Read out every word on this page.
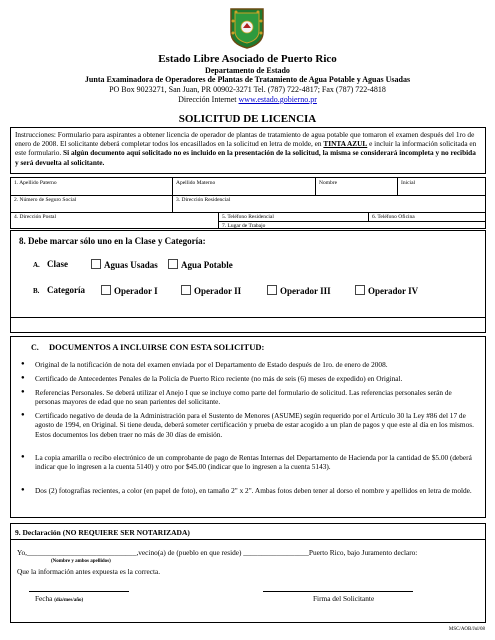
Estado Libre Asociado de Puerto Rico
Departamento de Estado
Junta Examinadora de Operadores de Plantas de Tratamiento de Agua Potable y Aguas Usadas
PO Box 9023271, San Juan, PR 00902-3271 Tel. (787) 722-4817; Fax (787) 722-4818
Dirección Internet www.estado.gobierno.pr
SOLICITUD DE LICENCIA
Instrucciones: Formulario para aspirantes a obtener licencia de operador de plantas de tratamiento de agua potable que tomaron el examen después del 1ro de enero de 2008. El solicitante deberá completar todos los encasillados en la solicitud en letra de molde, en TINTA AZUL e incluir la información solicitada en este formulario. Si algún documento aquí solicitado no es incluido en la presentación de la solicitud, la misma se considerará incompleta y no recibida y será devuelta al solicitante.
1. Apellido Paterno	Apellido Materno	Nombre	Inicial
2. Número de Seguro Social	3. Dirección Residencial
4. Dirección Postal	5. Teléfono Residencial	6. Teléfono Oficina
7. Lugar de Trabajo
8. Debe marcar sólo uno en la Clase y Categoría:
A. Clase	Aguas Usadas	Agua Potable
B. Categoría	Operador I	Operador II	Operador III	Operador IV
C. DOCUMENTOS A INCLUIRSE CON ESTA SOLICITUD:
● Original de la notificación de nota del examen enviada por el Departamento de Estado después de 1ro. de enero de 2008.
● Certificado de Antecedentes Penales de la Policía de Puerto Rico reciente (no más de seis (6) meses de expedido) en Original.
● Referencias Personales. Se deberá utilizar el Anejo I que se incluye como parte del formulario de solicitud. Las referencias personales serán de personas mayores de edad que no sean parientes del solicitante.
● Certificado negativo de deuda de la Administración para el Sustento de Menores (ASUME) según requerido por el Artículo 30 la Ley #86 del 17 de agosto de 1994, en Original. Si tiene deuda, deberá someter certificación y prueba de estar acogido a un plan de pagos y que este al día en los mismos. Estos documentos los deben traer no más de 30 días de emisión.
● La copia amarilla o recibo electrónico de un comprobante de pago de Rentas Internas del Departamento de Hacienda por la cantidad de $5.00 (deberá indicar que lo ingresen a la cuenta 5140) y otro por $45.00 (indicar que lo ingresen a la cuenta 5143).
● Dos (2) fotografías recientes, a color (en papel de foto), en tamaño 2" x 2". Ambas fotos deben tener al dorso el nombre y apellidos en letra de molde.
9. Declaración (NO REQUIERE SER NOTARIZADA)
Yo,______________________________,vecino(a) de (pueblo en que reside) __________________Puerto Rico, bajo Juramento declaro:
(Nombre y ambos apellidos)
Que la información antes expuesta es la correcta.
Fecha (día/mes/año)	Firma del Solicitante
MSC/AOB/Jul/08
